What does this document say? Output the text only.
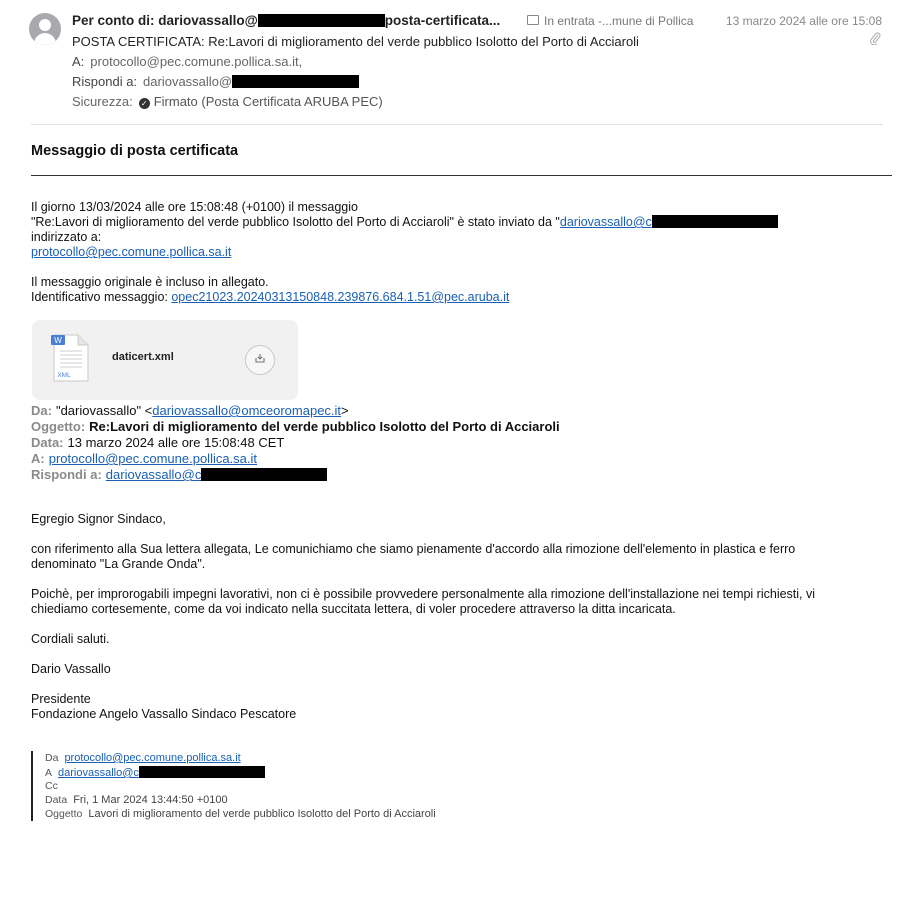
Per conto di: dariovassallo@	posta-certificata...	In entrata -...mune di Pollica	13 marzo 2024 alle ore 15:08
POSTA CERTIFICATA: Re:Lavori di miglioramento del verde pubblico Isolotto del Porto di Acciaroli
A: protocollo@pec.comune.pollica.sa.it,
Rispondi a: dariovassallo@
Sicurezza: ✓ Firmato (Posta Certificata ARUBA PEC)
Messaggio di posta certificata
Il giorno 13/03/2024 alle ore 15:08:48 (+0100) il messaggio
"Re:Lavori di miglioramento del verde pubblico Isolotto del Porto di Acciaroli" è stato inviato da "dariovassallo@c
indirizzato a:
protocollo@pec.comune.pollica.sa.it
Il messaggio originale è incluso in allegato.
Identificativo messaggio: opec21023.20240313150848.239876.684.1.51@pec.aruba.it
W
XML
daticert.xml
Da: "dariovassallo" <dariovassallo@omceoromapec.it>
Oggetto: Re:Lavori di miglioramento del verde pubblico Isolotto del Porto di Acciaroli
Data: 13 marzo 2024 alle ore 15:08:48 CET
A: protocollo@pec.comune.pollica.sa.it
Rispondi a: dariovassallo@c
Egregio Signor Sindaco,
con riferimento alla Sua lettera allegata, Le comunichiamo che siamo pienamente d'accordo alla rimozione dell'elemento in plastica e ferro
denominato "La Grande Onda".
Poichè, per improrogabili impegni lavorativi, non ci è possibile provvedere personalmente alla rimozione dell'installazione nei tempi richiesti, vi
chiediamo cortesemente, come da voi indicato nella succitata lettera, di voler procedere attraverso la ditta incaricata.
Cordiali saluti.
Dario Vassallo
Presidente
Fondazione Angelo Vassallo Sindaco Pescatore
Da protocollo@pec.comune.pollica.sa.it
A dariovassallo@c
Cc
Data Fri, 1 Mar 2024 13:44:50 +0100
Oggetto Lavori di miglioramento del verde pubblico Isolotto del Porto di Acciaroli
